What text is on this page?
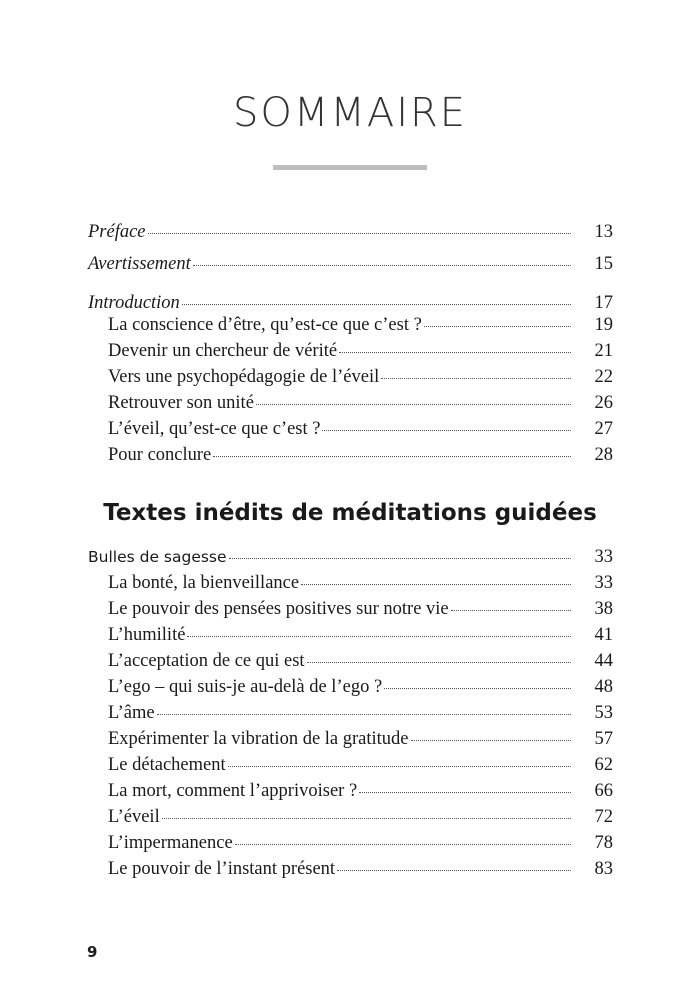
SOMMAIRE
Préface	13
Avertissement	15
Introduction	17
La conscience d’être, qu’est-ce que c’est ?	19
Devenir un chercheur de vérité	21
Vers une psychopédagogie de l’éveil	22
Retrouver son unité	26
L’éveil, qu’est-ce que c’est ?	27
Pour conclure	28
Textes inédits de méditations guidées
Bulles de sagesse	33
La bonté, la bienveillance	33
Le pouvoir des pensées positives sur notre vie	38
L’humilité	41
L’acceptation de ce qui est	44
L’ego – qui suis-je au-delà de l’ego ?	48
L’âme	53
Expérimenter la vibration de la gratitude	57
Le détachement	62
La mort, comment l’apprivoiser ?	66
L’éveil	72
L’impermanence	78
Le pouvoir de l’instant présent	83
9
